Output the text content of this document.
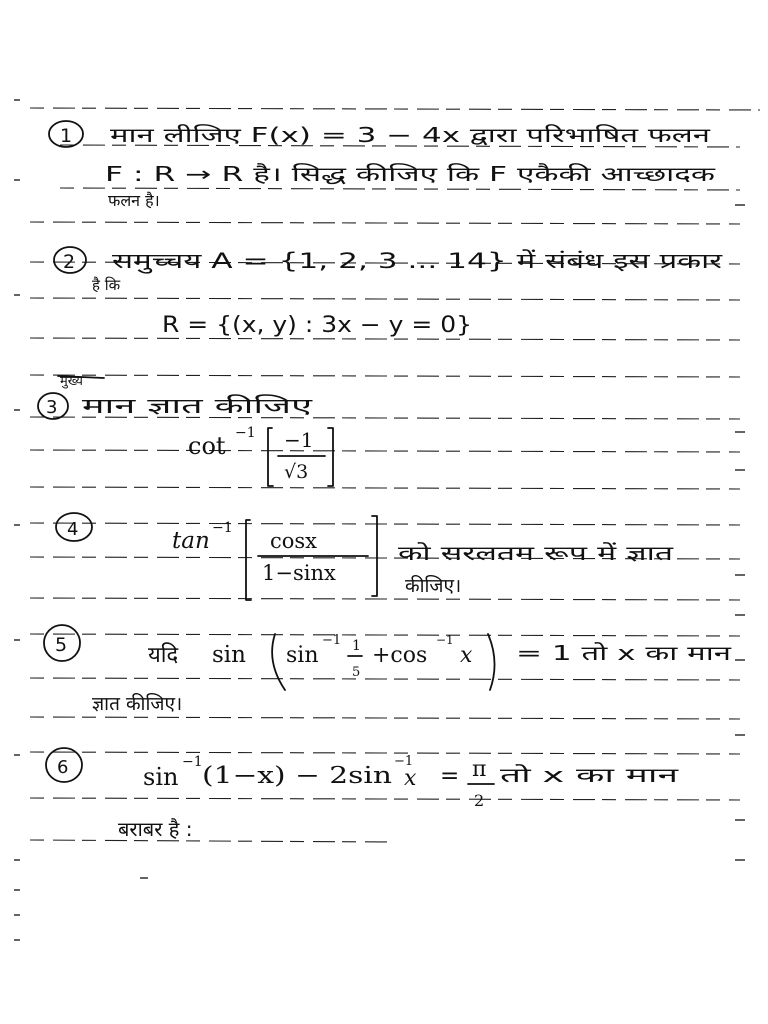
1 मान लीजिए F(x) = 3 − 4x द्वारा परिभाषित फलन
F : R → R है। सिद्ध कीजिए कि F एकैकी आच्छादक
फलन है।
2 समुच्चय A = {1, 2, 3 ... 14} में संबंध इस प्रकार
है कि
R = {(x, y) : 3x − y = 0}
मुख्य
3 मान ज्ञात कीजिए
cot −1 −1
√3
4	tan −1
cosx
1−sinx
को सरलतम रूप में ज्ञात
कीजिए।
5	यदि sin sin
−1 1
5
+cos
−1
x = 1 तो x का मान
ज्ञात कीजिए।
6	sin
−1
(1−x) − 2sin
−1
x = π
2
तो x का मान
बराबर है :
